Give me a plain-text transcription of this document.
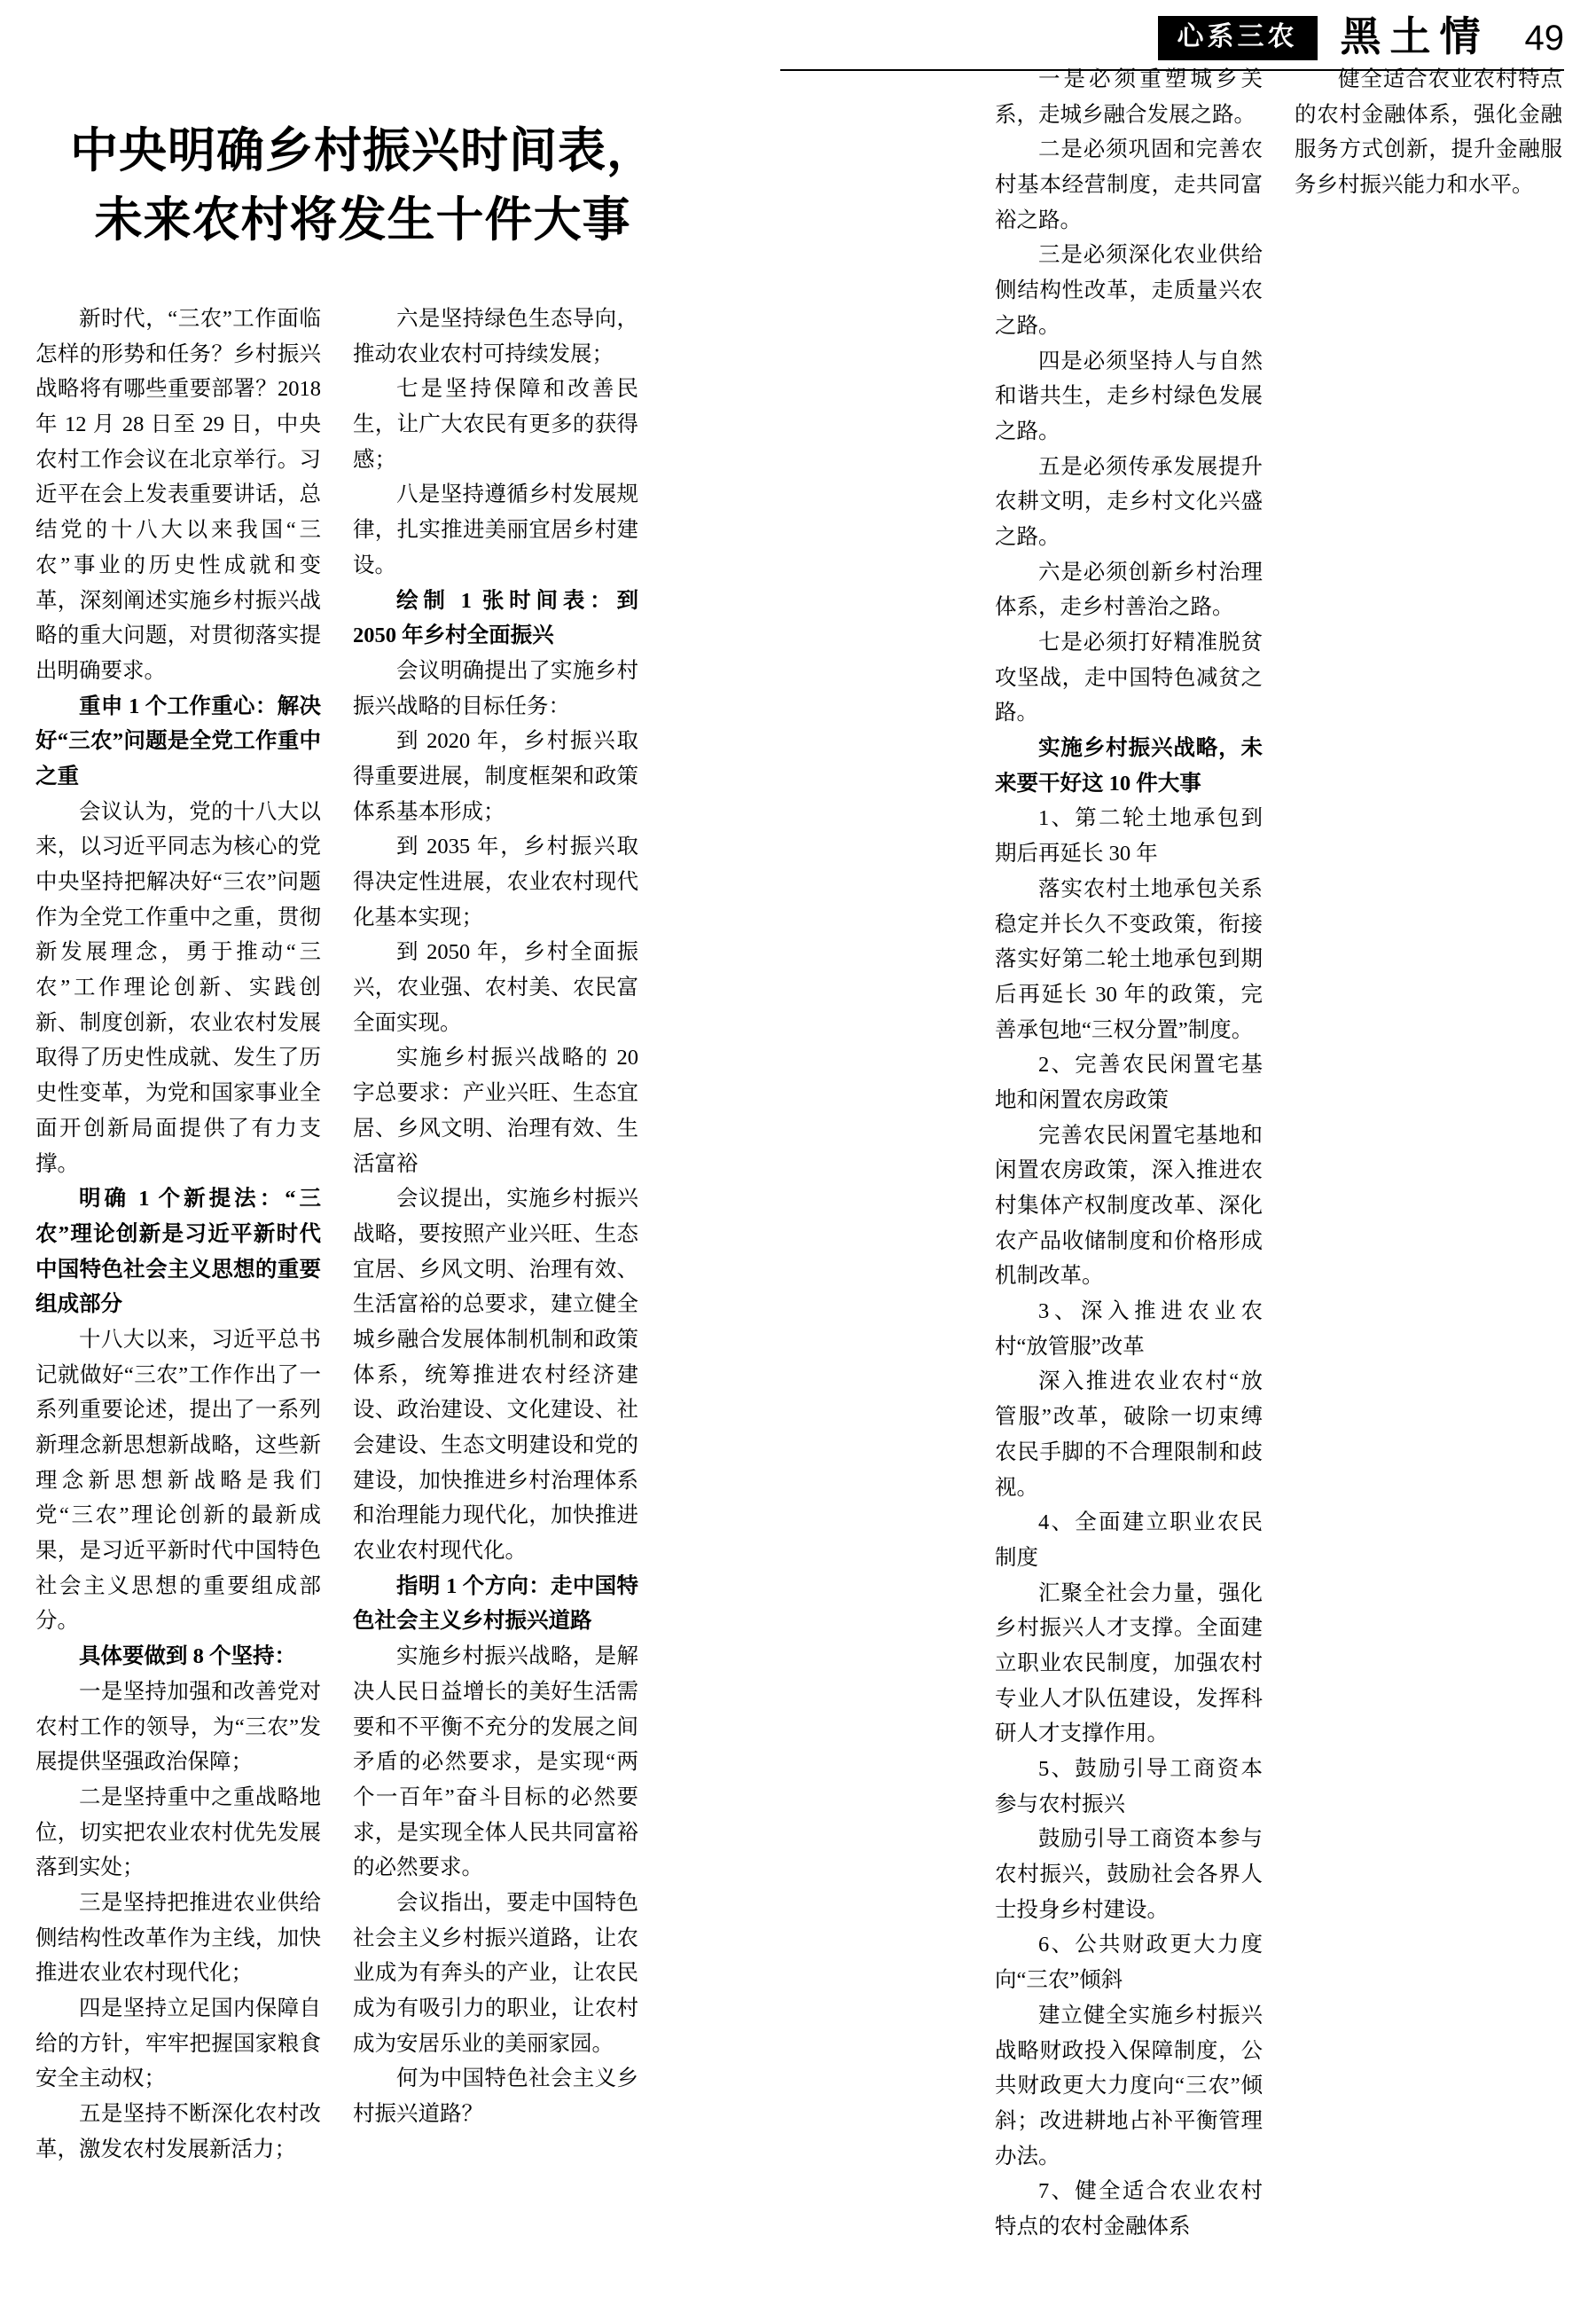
心系三农	黑土情 49
中央明确乡村振兴时间表，
未来农村将发生十件大事

新时代，“三农”工作面临怎样的形势和任务？乡村振兴战略将有哪些重要部署？2018 年 12 月 28 日至 29 日，中央农村工作会议在北京举行。习近平在会上发表重要讲话，总结党的十八大以来我国“三农”事业的历史性成就和变革，深刻阐述实施乡村振兴战略的重大问题，对贯彻落实提出明确要求。

重申 1 个工作重心：解决好“三农”问题是全党工作重中之重

会议认为，党的十八大以来，以习近平同志为核心的党中央坚持把解决好“三农”问题作为全党工作重中之重，贯彻新发展理念，勇于推动“三农”工作理论创新、实践创新、制度创新，农业农村发展取得了历史性成就、发生了历史性变革，为党和国家事业全面开创新局面提供了有力支撑。

明确 1 个新提法：“三农”理论创新是习近平新时代中国特色社会主义思想的重要组成部分

十八大以来，习近平总书记就做好“三农”工作作出了一系列重要论述，提出了一系列新理念新思想新战略，这些新理念新思想新战略是我们党“三农”理论创新的最新成果，是习近平新时代中国特色社会主义思想的重要组成部分。

具体要做到 8 个坚持：

一是坚持加强和改善党对农村工作的领导，为“三农”发展提供坚强政治保障；

二是坚持重中之重战略地位，切实把农业农村优先发展落到实处；

三是坚持把推进农业供给侧结构性改革作为主线，加快推进农业农村现代化；

四是坚持立足国内保障自给的方针，牢牢把握国家粮食安全主动权；

五是坚持不断深化农村改革，激发农村发展新活力；

六是坚持绿色生态导向，推动农业农村可持续发展；

七是坚持保障和改善民生，让广大农民有更多的获得感；

八是坚持遵循乡村发展规律，扎实推进美丽宜居乡村建设。

绘制 1 张时间表：到 2050 年乡村全面振兴

会议明确提出了实施乡村振兴战略的目标任务：

到 2020 年，乡村振兴取得重要进展，制度框架和政策体系基本形成；

到 2035 年，乡村振兴取得决定性进展，农业农村现代化基本实现；

到 2050 年，乡村全面振兴，农业强、农村美、农民富全面实现。

实施乡村振兴战略的 20 字总要求：产业兴旺、生态宜居、乡风文明、治理有效、生活富裕

会议提出，实施乡村振兴战略，要按照产业兴旺、生态宜居、乡风文明、治理有效、生活富裕的总要求，建立健全城乡融合发展体制机制和政策体系，统筹推进农村经济建设、政治建设、文化建设、社会建设、生态文明建设和党的建设，加快推进乡村治理体系和治理能力现代化，加快推进农业农村现代化。

指明 1 个方向：走中国特色社会主义乡村振兴道路

实施乡村振兴战略，是解决人民日益增长的美好生活需要和不平衡不充分的发展之间矛盾的必然要求，是实现“两个一百年”奋斗目标的必然要求，是实现全体人民共同富裕的必然要求。

会议指出，要走中国特色社会主义乡村振兴道路，让农业成为有奔头的产业，让农民成为有吸引力的职业，让农村成为安居乐业的美丽家园。

何为中国特色社会主义乡村振兴道路？

一是必须重塑城乡关系，走城乡融合发展之路。

二是必须巩固和完善农村基本经营制度，走共同富裕之路。

三是必须深化农业供给侧结构性改革，走质量兴农之路。

四是必须坚持人与自然和谐共生，走乡村绿色发展之路。

五是必须传承发展提升农耕文明，走乡村文化兴盛之路。

六是必须创新乡村治理体系，走乡村善治之路。

七是必须打好精准脱贫攻坚战，走中国特色减贫之路。

实施乡村振兴战略，未来要干好这 10 件大事

1、第二轮土地承包到期后再延长 30 年

落实农村土地承包关系稳定并长久不变政策，衔接落实好第二轮土地承包到期后再延长 30 年的政策，完善承包地“三权分置”制度。

2、完善农民闲置宅基地和闲置农房政策

完善农民闲置宅基地和闲置农房政策，深入推进农村集体产权制度改革、深化农产品收储制度和价格形成机制改革。

3、深入推进农业农村“放管服”改革

深入推进农业农村“放管服”改革，破除一切束缚农民手脚的不合理限制和歧视。

4、全面建立职业农民制度

汇聚全社会力量，强化乡村振兴人才支撑。全面建立职业农民制度，加强农村专业人才队伍建设，发挥科研人才支撑作用。

5、鼓励引导工商资本参与农村振兴

鼓励引导工商资本参与农村振兴，鼓励社会各界人士投身乡村建设。

6、公共财政更大力度向“三农”倾斜

建立健全实施乡村振兴战略财政投入保障制度，公共财政更大力度向“三农”倾斜；改进耕地占补平衡管理办法。

7、健全适合农业农村特点的农村金融体系

健全适合农业农村特点的农村金融体系，强化金融服务方式创新，提升金融服务乡村振兴能力和水平。
